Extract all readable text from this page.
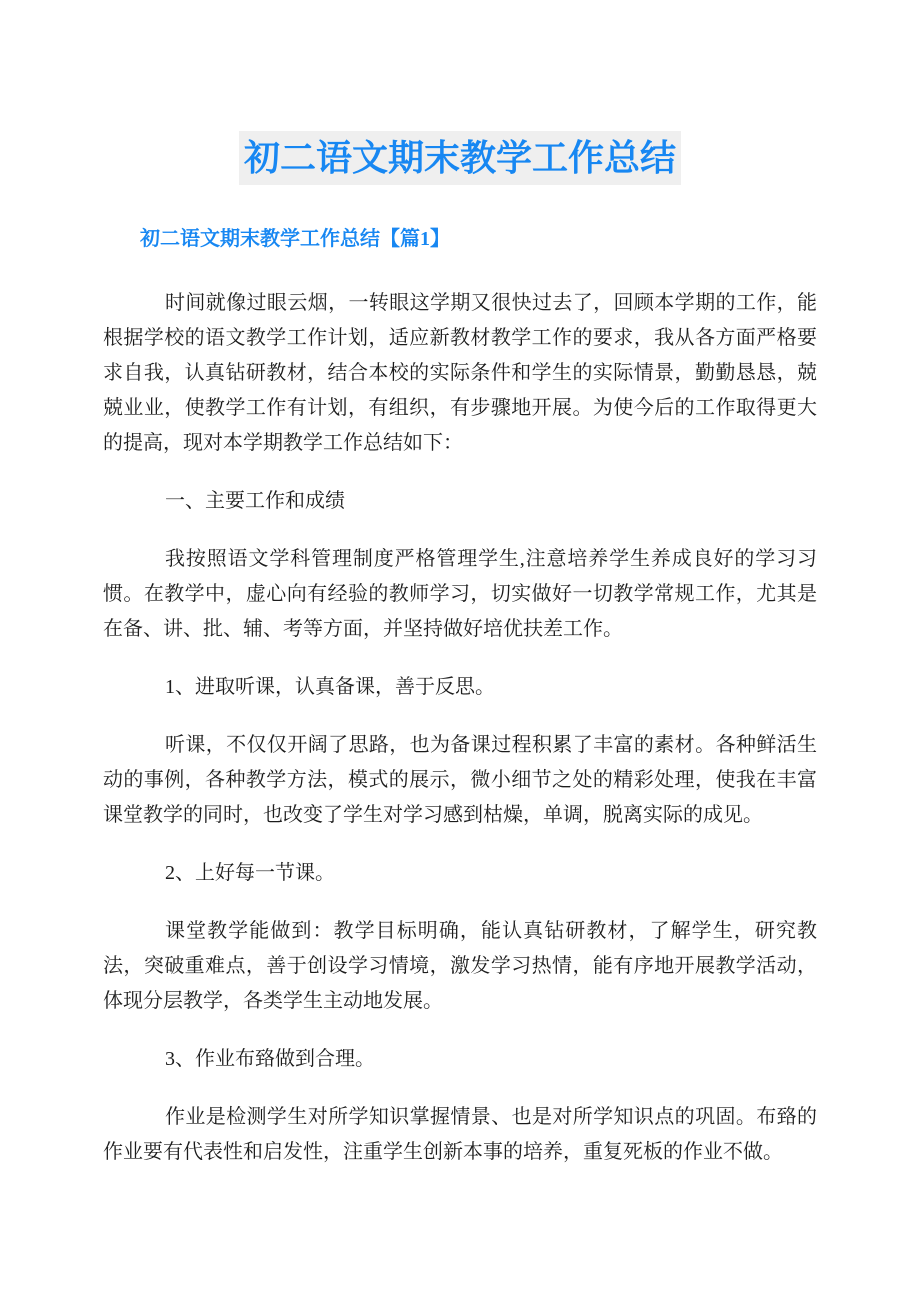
初二语文期末教学工作总结
初二语文期末教学工作总结【篇1】

时间就像过眼云烟，一转眼这学期又很快过去了，回顾本学期的工作，能根据学校的语文教学工作计划，适应新教材教学工作的要求，我从各方面严格要求自我，认真钻研教材，结合本校的实际条件和学生的实际情景，勤勤恳恳，兢兢业业，使教学工作有计划，有组织，有步骤地开展。为使今后的工作取得更大的提高，现对本学期教学工作总结如下：

一、主要工作和成绩

我按照语文学科管理制度严格管理学生,注意培养学生养成良好的学习习惯。在教学中，虚心向有经验的教师学习，切实做好一切教学常规工作，尤其是在备、讲、批、辅、考等方面，并坚持做好培优扶差工作。

1、进取听课，认真备课，善于反思。

听课，不仅仅开阔了思路，也为备课过程积累了丰富的素材。各种鲜活生动的事例，各种教学方法，模式的展示，微小细节之处的精彩处理，使我在丰富课堂教学的同时，也改变了学生对学习感到枯燥，单调，脱离实际的成见。

2、上好每一节课。

课堂教学能做到：教学目标明确，能认真钻研教材，了解学生，研究教法，突破重难点，善于创设学习情境，激发学习热情，能有序地开展教学活动，体现分层教学，各类学生主动地发展。

3、作业布臵做到合理。

作业是检测学生对所学知识掌握情景、也是对所学知识点的巩固。布臵的作业要有代表性和启发性，注重学生创新本事的培养，重复死板的作业不做。
